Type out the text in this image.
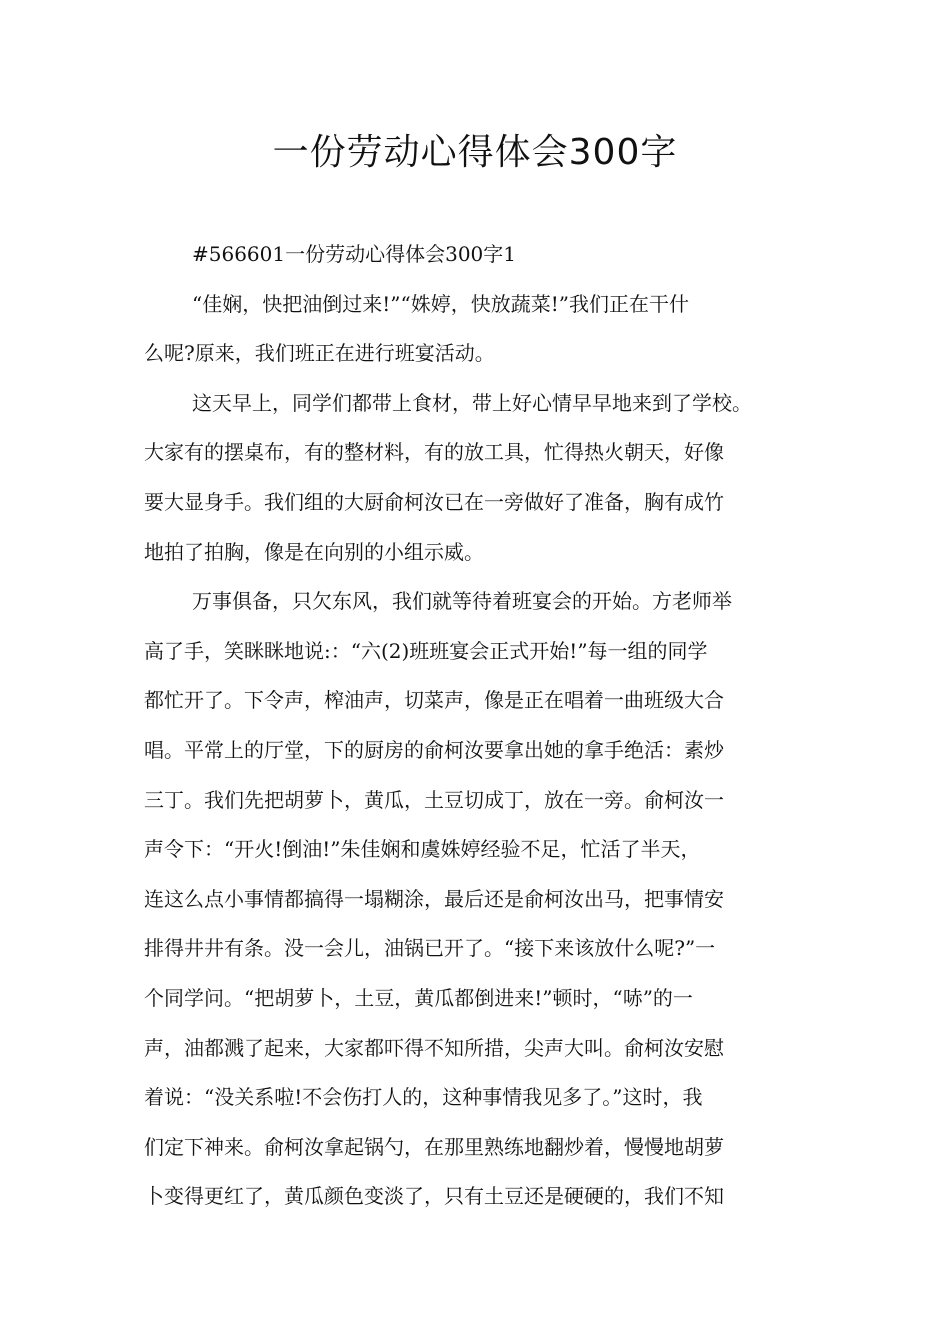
一份劳动心得体会300字

#566601一份劳动心得体会300字1

“佳娴，快把油倒过来!”“姝婷，快放蔬菜!”我们正在干什
么呢?原来，我们班正在进行班宴活动。

这天早上，同学们都带上食材，带上好心情早早地来到了学校。
大家有的摆桌布，有的整材料，有的放工具，忙得热火朝天，好像
要大显身手。我们组的大厨俞柯汝已在一旁做好了准备，胸有成竹
地拍了拍胸，像是在向别的小组示威。

万事俱备，只欠东风，我们就等待着班宴会的开始。方老师举
高了手，笑眯眯地说:：“六(2)班班宴会正式开始!”每一组的同学
都忙开了。下令声，榨油声，切菜声，像是正在唱着一曲班级大合
唱。平常上的厅堂，下的厨房的俞柯汝要拿出她的拿手绝活：素炒
三丁。我们先把胡萝卜，黄瓜，土豆切成丁，放在一旁。俞柯汝一
声令下：“开火!倒油!”朱佳娴和虞姝婷经验不足，忙活了半天，
连这么点小事情都搞得一塌糊涂，最后还是俞柯汝出马，把事情安
排得井井有条。没一会儿，油锅已开了。“接下来该放什么呢?”一
个同学问。“把胡萝卜，土豆，黄瓜都倒进来!”顿时，“哧”的一
声，油都溅了起来，大家都吓得不知所措，尖声大叫。俞柯汝安慰
着说：“没关系啦!不会伤打人的，这种事情我见多了。”这时，我
们定下神来。俞柯汝拿起锅勺，在那里熟练地翻炒着，慢慢地胡萝
卜变得更红了，黄瓜颜色变淡了，只有土豆还是硬硬的，我们不知
